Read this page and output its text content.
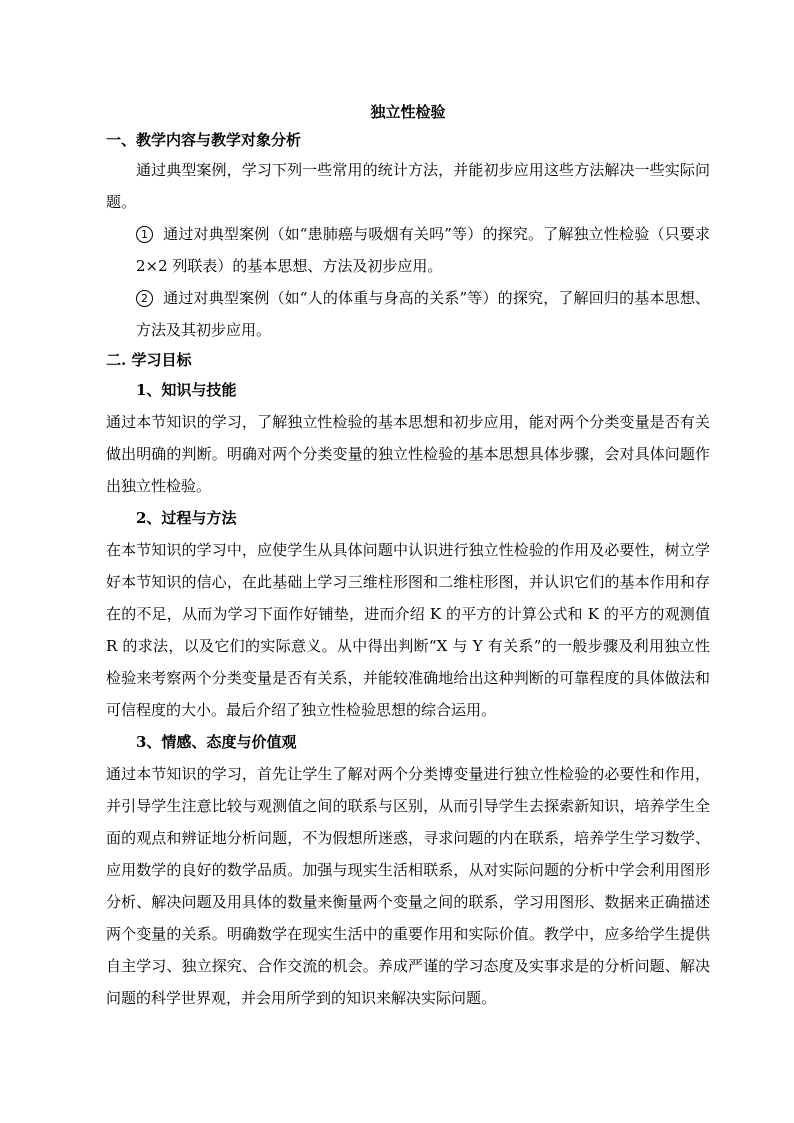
独立性检验
一、教学内容与教学对象分析
通过典型案例，学习下列一些常用的统计方法，并能初步应用这些方法解决一些实际问题。
1 通过对典型案例（如“患肺癌与吸烟有关吗”等）的探究。了解独立性检验（只要求 2×2 列联表）的基本思想、方法及初步应用。
2 通过对典型案例（如“人的体重与身高的关系”等）的探究，了解回归的基本思想、方法及其初步应用。
二. 学习目标
1、知识与技能
通过本节知识的学习，了解独立性检验的基本思想和初步应用，能对两个分类变量是否有关做出明确的判断。明确对两个分类变量的独立性检验的基本思想具体步骤，会对具体问题作出独立性检验。
2、过程与方法
在本节知识的学习中，应使学生从具体问题中认识进行独立性检验的作用及必要性，树立学好本节知识的信心，在此基础上学习三维柱形图和二维柱形图，并认识它们的基本作用和存在的不足，从而为学习下面作好铺垫，进而介绍 K 的平方的计算公式和 K 的平方的观测值 R 的求法，以及它们的实际意义。从中得出判断“X 与 Y 有关系”的一般步骤及利用独立性检验来考察两个分类变量是否有关系，并能较准确地给出这种判断的可靠程度的具体做法和可信程度的大小。最后介绍了独立性检验思想的综合运用。
3、情感、态度与价值观
通过本节知识的学习，首先让学生了解对两个分类博变量进行独立性检验的必要性和作用，并引导学生注意比较与观测值之间的联系与区别，从而引导学生去探索新知识，培养学生全面的观点和辨证地分析问题，不为假想所迷惑，寻求问题的内在联系，培养学生学习数学、应用数学的良好的数学品质。加强与现实生活相联系，从对实际问题的分析中学会利用图形分析、解决问题及用具体的数量来衡量两个变量之间的联系，学习用图形、数据来正确描述两个变量的关系。明确数学在现实生活中的重要作用和实际价值。教学中，应多给学生提供自主学习、独立探究、合作交流的机会。养成严谨的学习态度及实事求是的分析问题、解决问题的科学世界观，并会用所学到的知识来解决实际问题。
